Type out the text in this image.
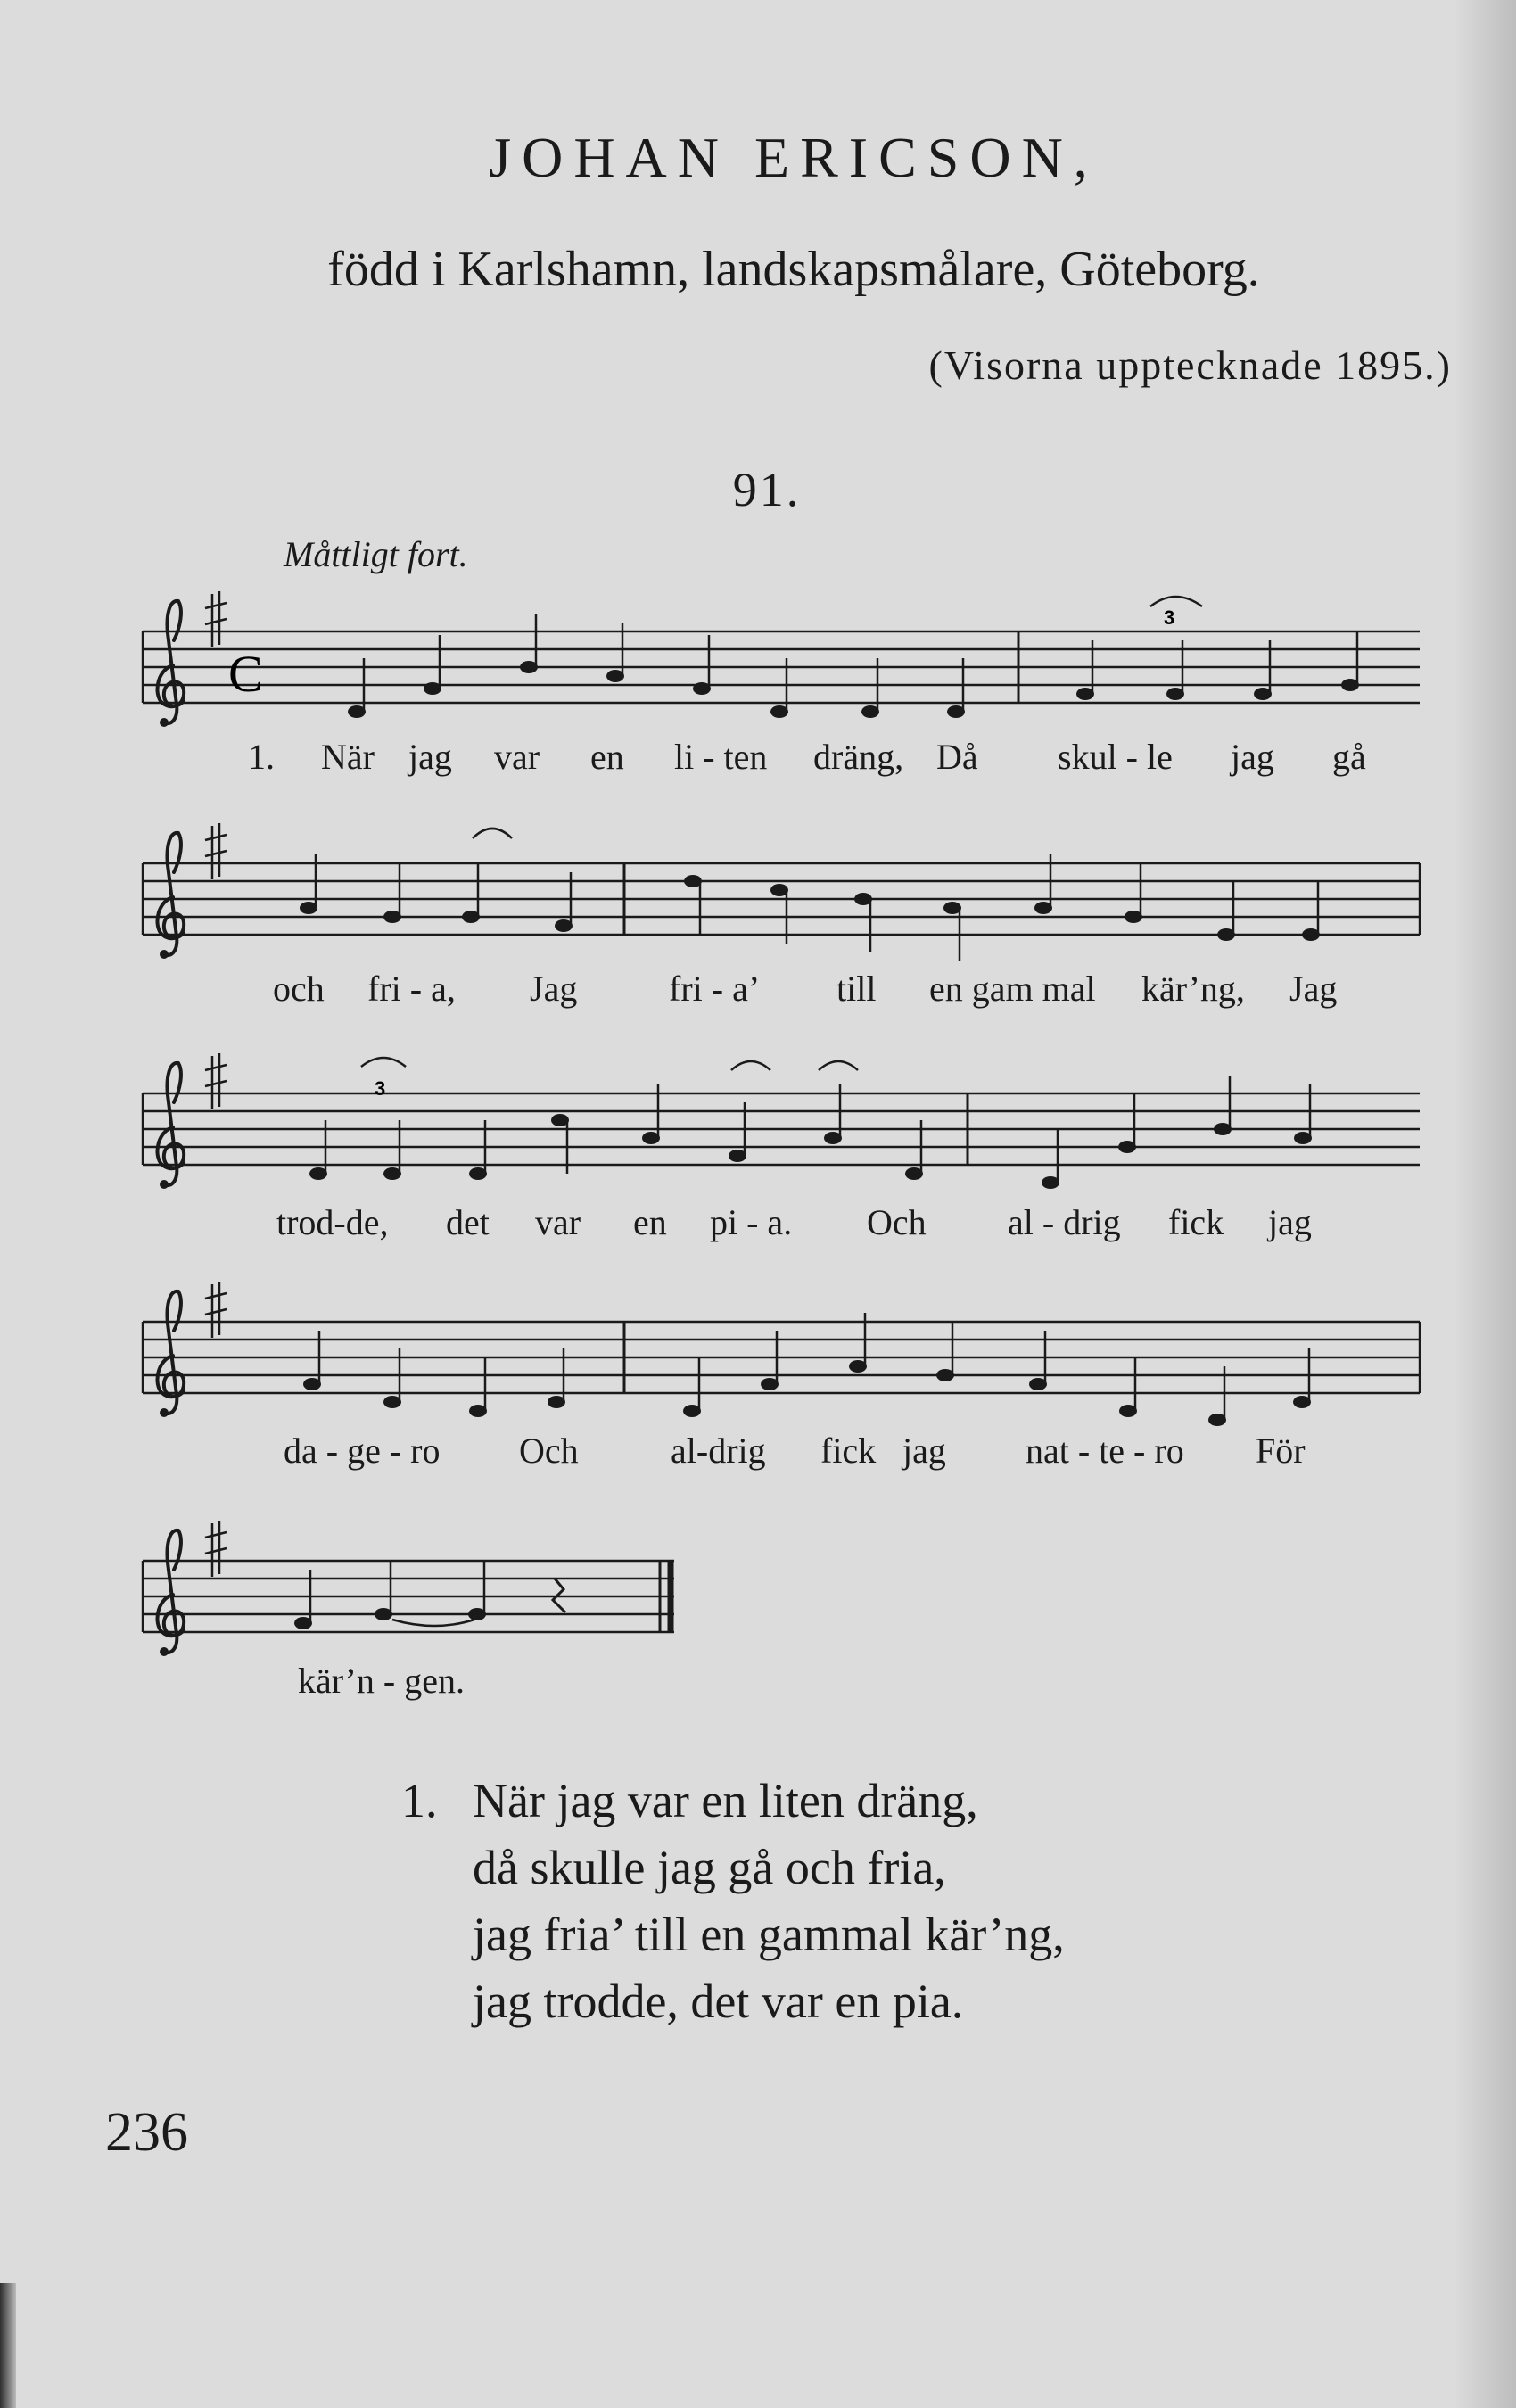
JOHAN ERICSON,
född i Karlshamn, landskapsmålare, Göteborg.
(Visorna upptecknade 1895.)
91.
Måttligt fort.
C
3
3
1. När jag var en li - ten dräng, Då skul - le jag gå
och fri - a, Jag	fri - a’ till en gam mal kär’ng, Jag
trod-de, det var en pi - a. Och al - drig fick jag
da - ge - ro Och	al-drig fick jag nat - te - ro För
kär’n - gen.
1. När jag var en liten dräng,
då skulle jag gå och fria,
jag fria’ till en gammal kär’ng,
jag trodde, det var en pia.
236
